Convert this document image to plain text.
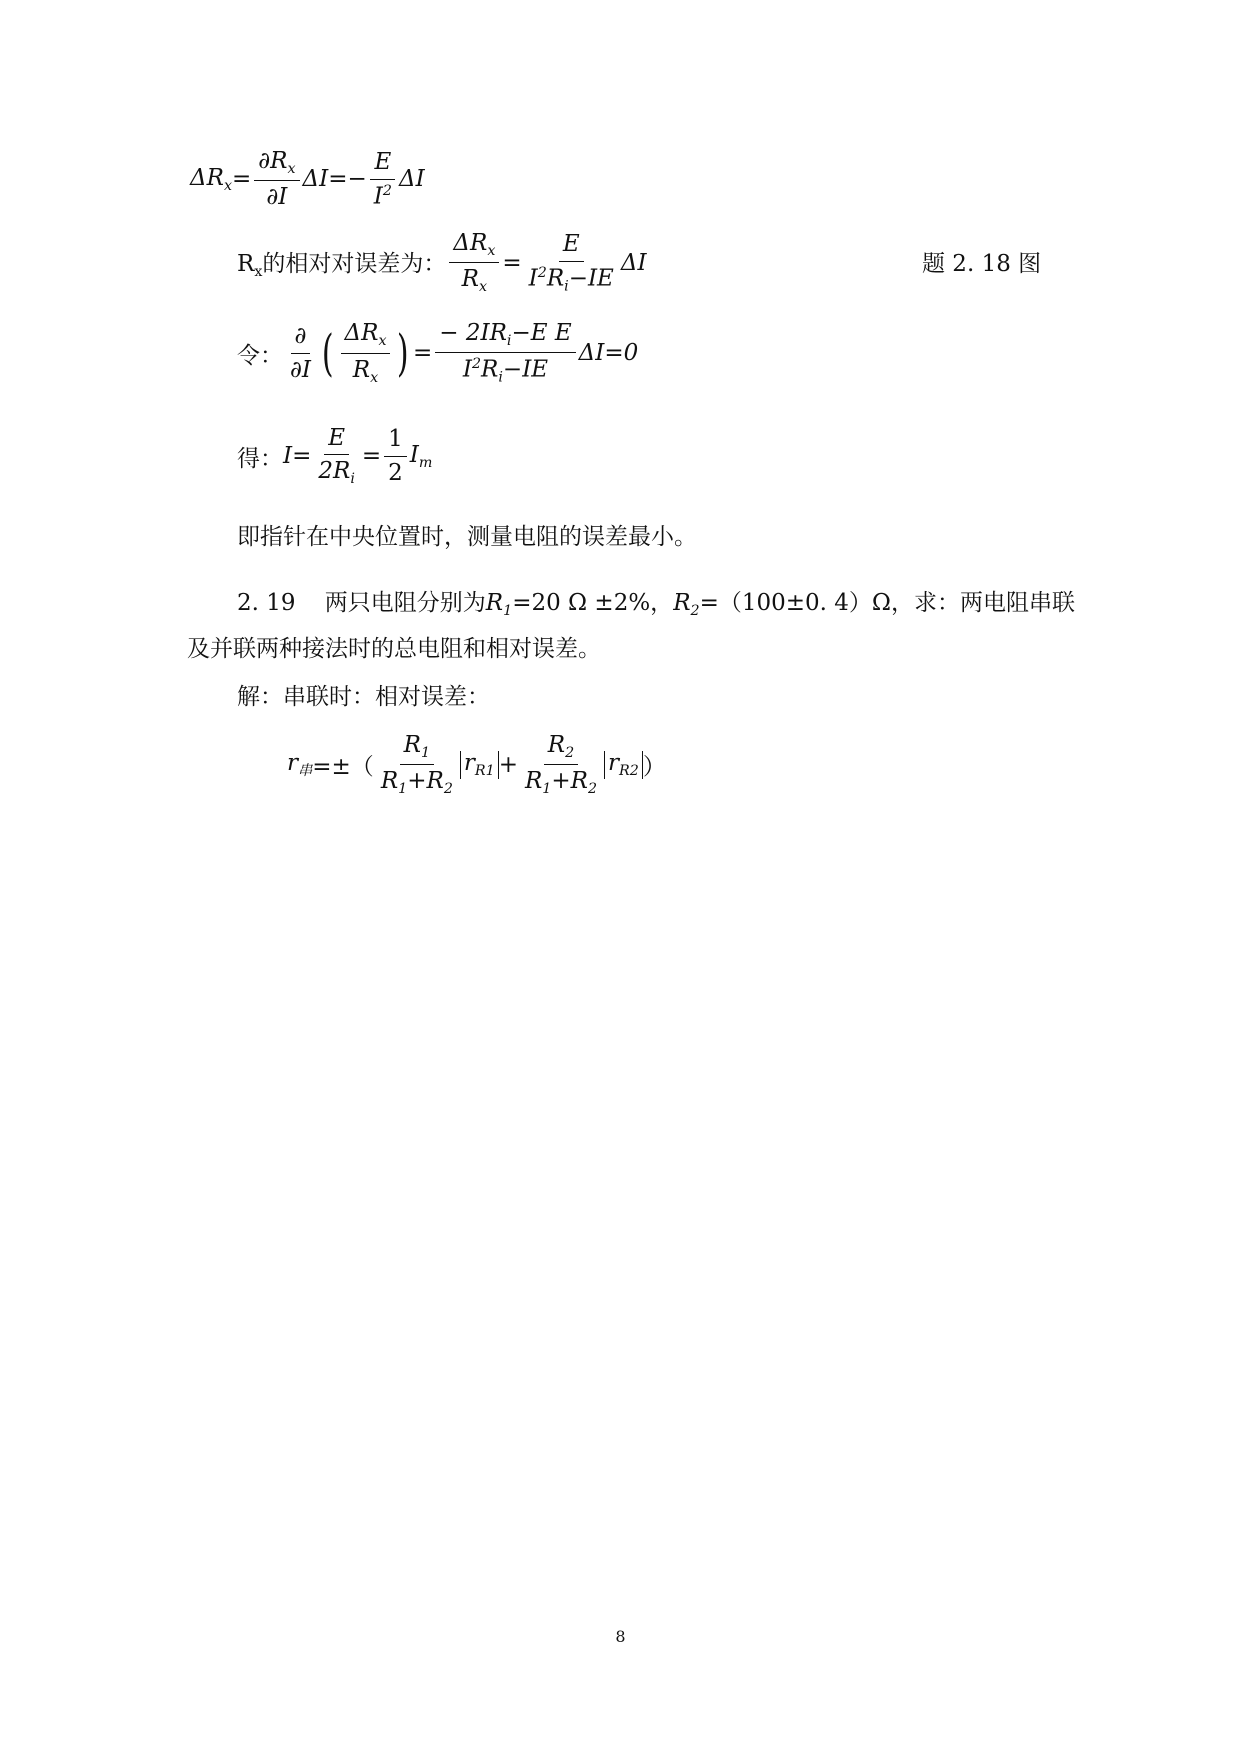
$\Delta R_x = \frac{\partial R_x}{\partial I}$ $\Delta I =- \frac{E}{I^2}$ ΔI
$R_x$的相对对误差为： $\frac{\Delta R_x}{R_x} = \frac{E}{I^2R_i-IE}$ ΔI	题 2. 18 图
令： $\frac{\partial}{\partial I}$ ( $\frac{\Delta R_x}{R_x}$ ) = $\frac{- 2IR_i-E E}{I^2R_i-IE} \Delta I=0$
得： $I= \frac{E}{2R_i} = \frac{1}{2} I_m$
即指针在中央位置时，测量电阻的误差最小。
2. 19 两只电阻分别为$R_1=20$ Ω ±2%，$R_2=(100\pm 0$. 4）Ω，求：两电阻串联
及并联两种接法时的总电阻和相对误差。
解：串联时：相对误差：
$r_串$ =±（ $\frac{R_1}{R_1+R_2} r_{R1} + \frac{R_2}{R_1+R_2} r_{R2}$ ）
8
